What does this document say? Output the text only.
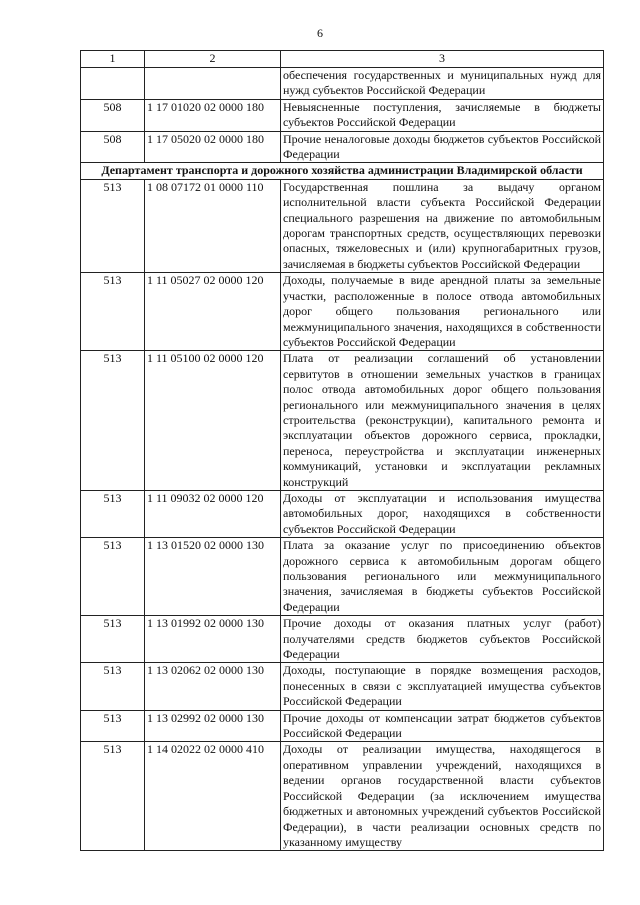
6
1	2	3
		обеспечения государственных и муниципальных нужд для нужд субъектов Российской Федерации
508	1 17 01020 02 0000 180	Невыясненные поступления, зачисляемые в бюджеты субъектов Российской Федерации
508	1 17 05020 02 0000 180	Прочие неналоговые доходы бюджетов субъектов Российской Федерации
Департамент транспорта и дорожного хозяйства администрации Владимирской области		
513	1 08 07172 01 0000 110	Государственная пошлина за выдачу органом исполнительной власти субъекта Российской Федерации специального разрешения на движение по автомобильным дорогам транспортных средств, осуществляющих перевозки опасных, тяжеловесных и (или) крупногабаритных грузов, зачисляемая в бюджеты субъектов Российской Федерации
513	1 11 05027 02 0000 120	Доходы, получаемые в виде арендной платы за земельные участки, расположенные в полосе отвода автомобильных дорог общего пользования регионального или межмуниципального значения, находящихся в собственности субъектов Российской Федерации
513	1 11 05100 02 0000 120	Плата от реализации соглашений об установлении сервитутов в отношении земельных участков в границах полос отвода автомобильных дорог общего пользования регионального или межмуниципального значения в целях строительства (реконструкции), капитального ремонта и эксплуатации объектов дорожного сервиса, прокладки, переноса, переустройства и эксплуатации инженерных коммуникаций, установки и эксплуатации рекламных конструкций
513	1 11 09032 02 0000 120	Доходы от эксплуатации и использования имущества автомобильных дорог, находящихся в собственности субъектов Российской Федерации
513	1 13 01520 02 0000 130	Плата за оказание услуг по присоединению объектов дорожного сервиса к автомобильным дорогам общего пользования регионального или межмуниципального значения, зачисляемая в бюджеты субъектов Российской Федерации
513	1 13 01992 02 0000 130	Прочие доходы от оказания платных услуг (работ) получателями средств бюджетов субъектов Российской Федерации
513	1 13 02062 02 0000 130	Доходы, поступающие в порядке возмещения расходов, понесенных в связи с эксплуатацией имущества субъектов Российской Федерации
513	1 13 02992 02 0000 130	Прочие доходы от компенсации затрат бюджетов субъектов Российской Федерации
513	1 14 02022 02 0000 410	Доходы от реализации имущества, находящегося в оперативном управлении учреждений, находящихся в ведении органов государственной власти субъектов Российской Федерации (за исключением имущества бюджетных и автономных учреждений субъектов Российской Федерации), в части реализации основных средств по указанному имуществу
